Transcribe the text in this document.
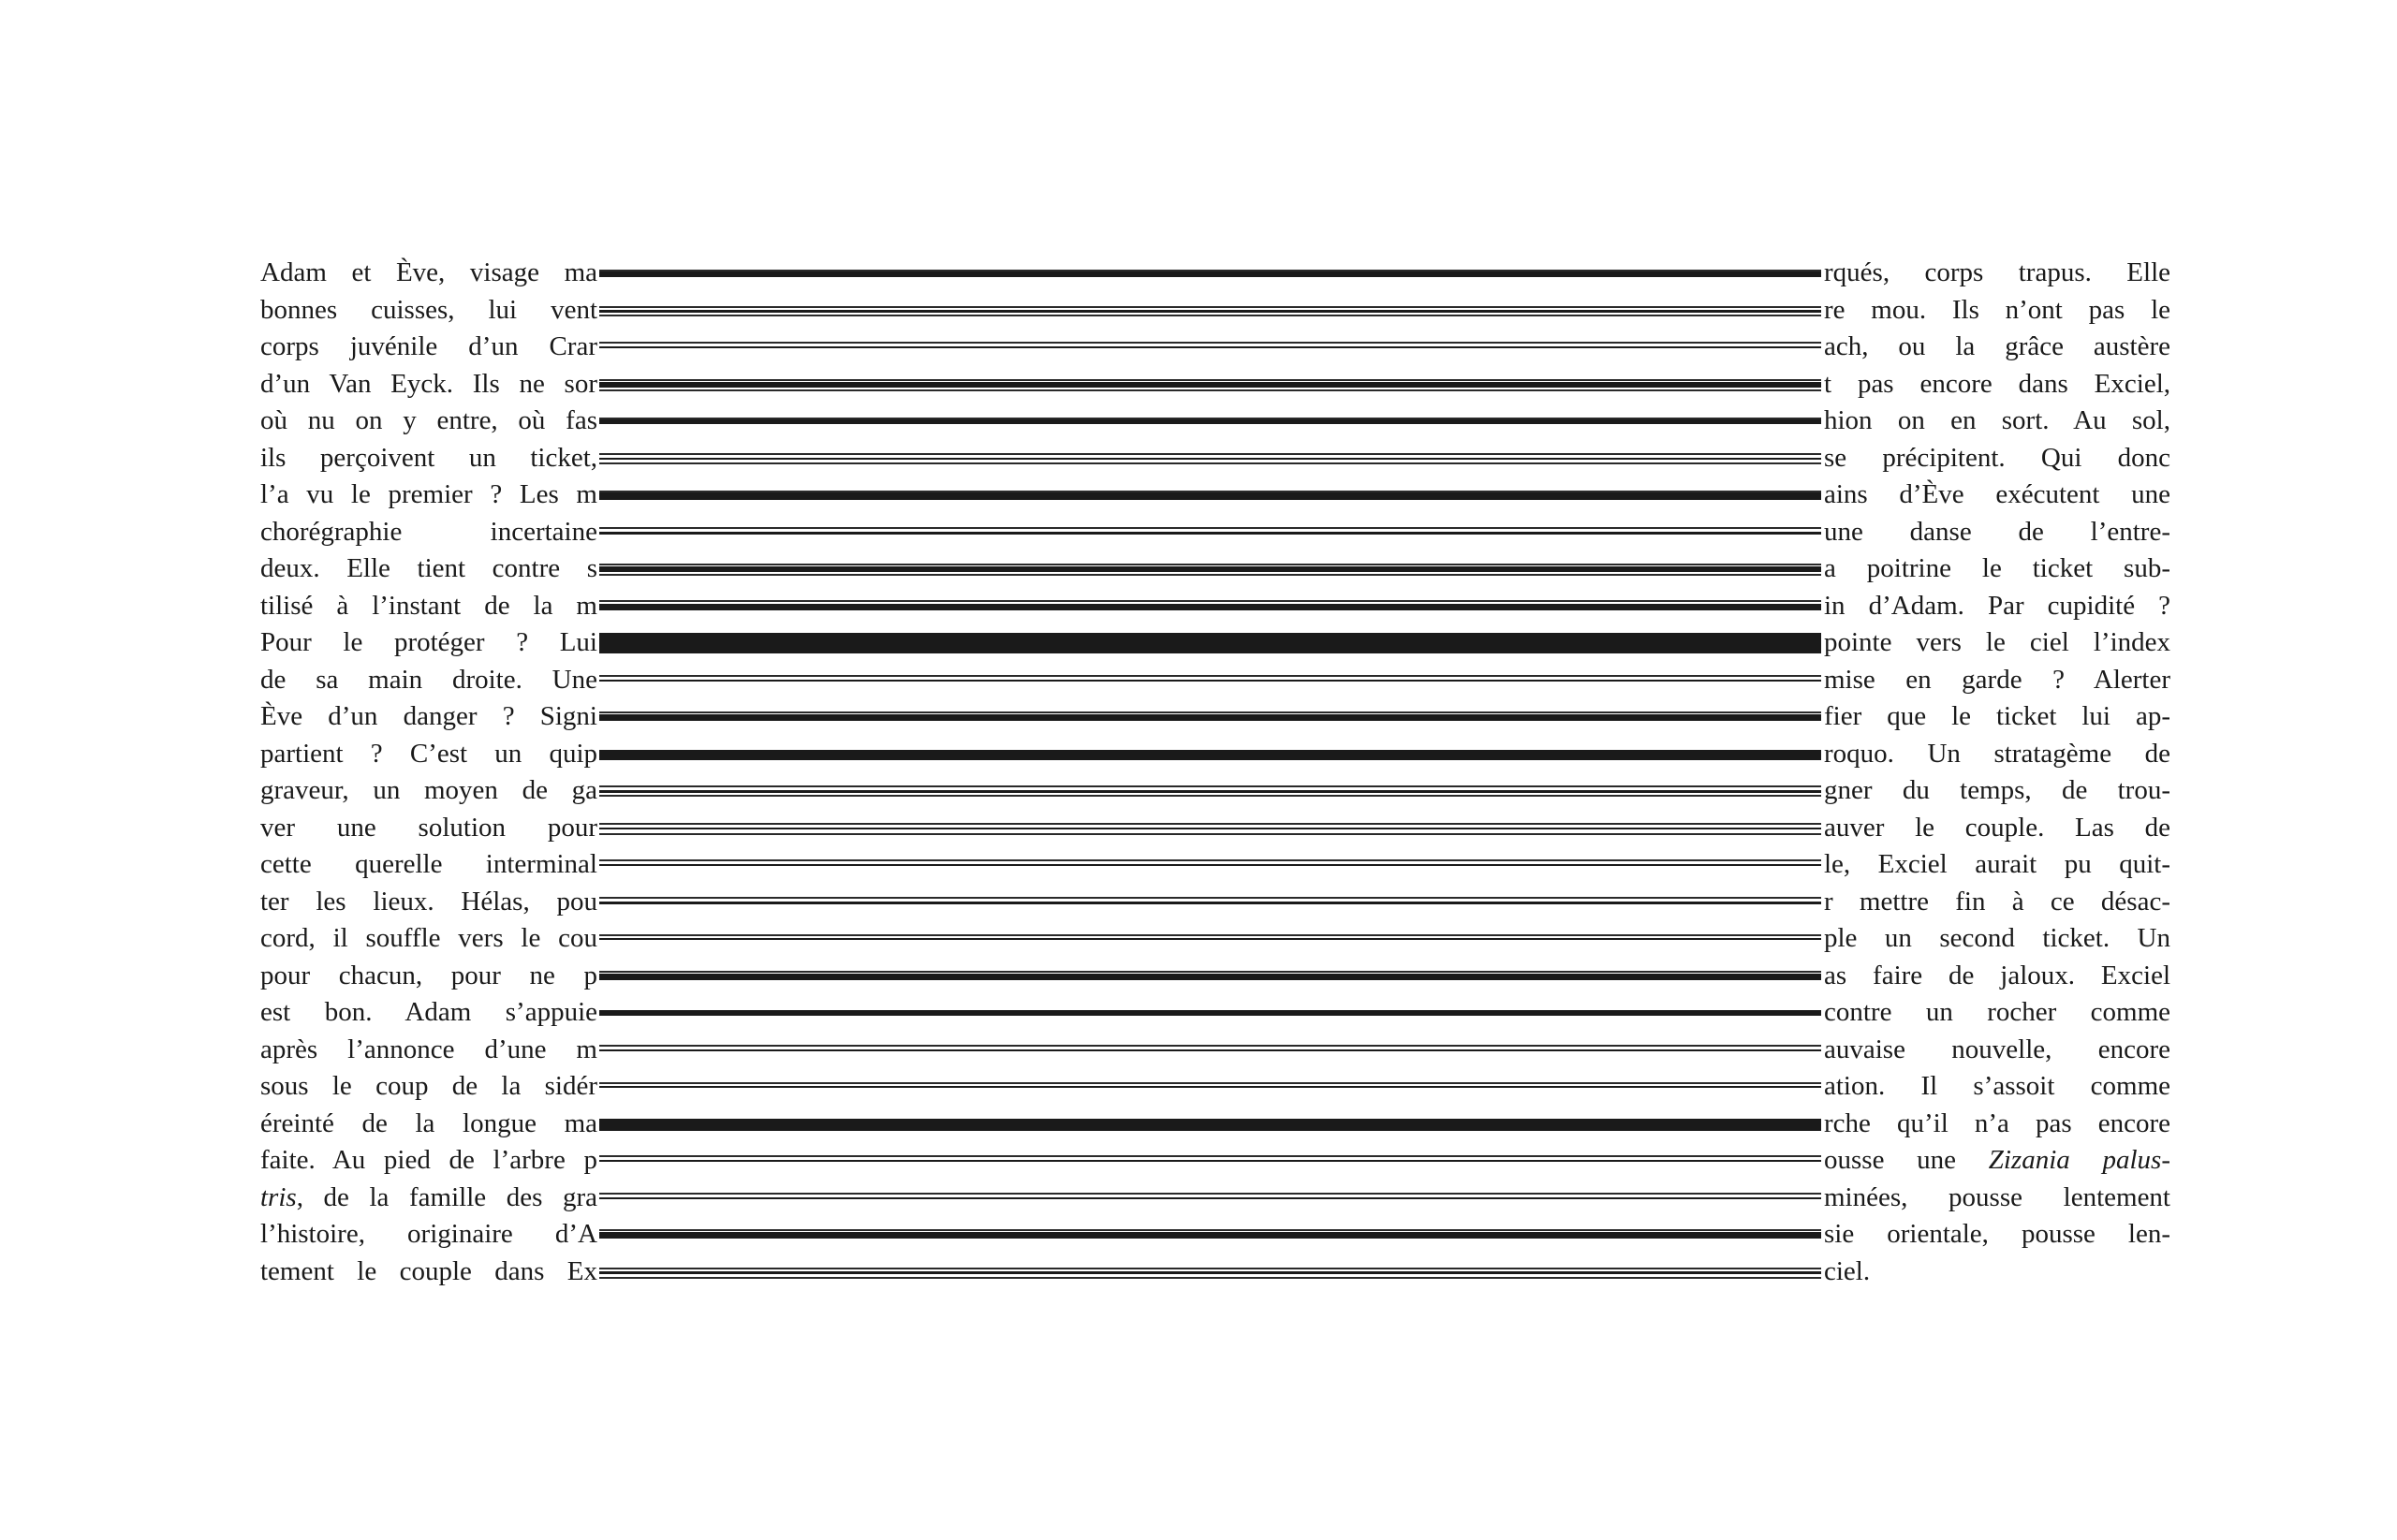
Adam et Ève, visage ma	rqués, corps trapus. Elle
bonnes cuisses, lui vent	re mou. Ils n’ont pas le
corps juvénile d’un Crar	ach, ou la grâce austère
d’un Van Eyck. Ils ne sor	t pas encore dans Exciel,
où nu on y entre, où fas	hion on en sort. Au sol,
ils perçoivent un ticket,	se précipitent. Qui donc
l’a vu le premier ? Les m	ains d’Ève exécutent une
chorégraphie incertaine	une danse de l’entre-
deux. Elle tient contre s	a poitrine le ticket sub-
tilisé à l’instant de la m	in d’Adam. Par cupidité ?
Pour le protéger ? Lui	pointe vers le ciel l’index
de sa main droite. Une	mise en garde ? Alerter
Ève d’un danger ? Signi	fier que le ticket lui ap-
partient ? C’est un quip	roquo. Un stratagème de
graveur, un moyen de ga	gner du temps, de trou-
ver une solution pour	auver le couple. Las de
cette querelle interminal	le, Exciel aurait pu quit-
ter les lieux. Hélas, pou	r mettre fin à ce désac-
cord, il souffle vers le cou	ple un second ticket. Un
pour chacun, pour ne p	as faire de jaloux. Exciel
est bon. Adam s’appuie	contre un rocher comme
après l’annonce d’une m	auvaise nouvelle, encore
sous le coup de la sidér	ation. Il s’assoit comme
éreinté de la longue ma	rche qu’il n’a pas encore
faite. Au pied de l’arbre p	ousse une Zizania palus-
tris, de la famille des gra	minées, pousse lentement
l’histoire, originaire d’A	sie orientale, pousse len-
tement le couple dans Ex	ciel.
